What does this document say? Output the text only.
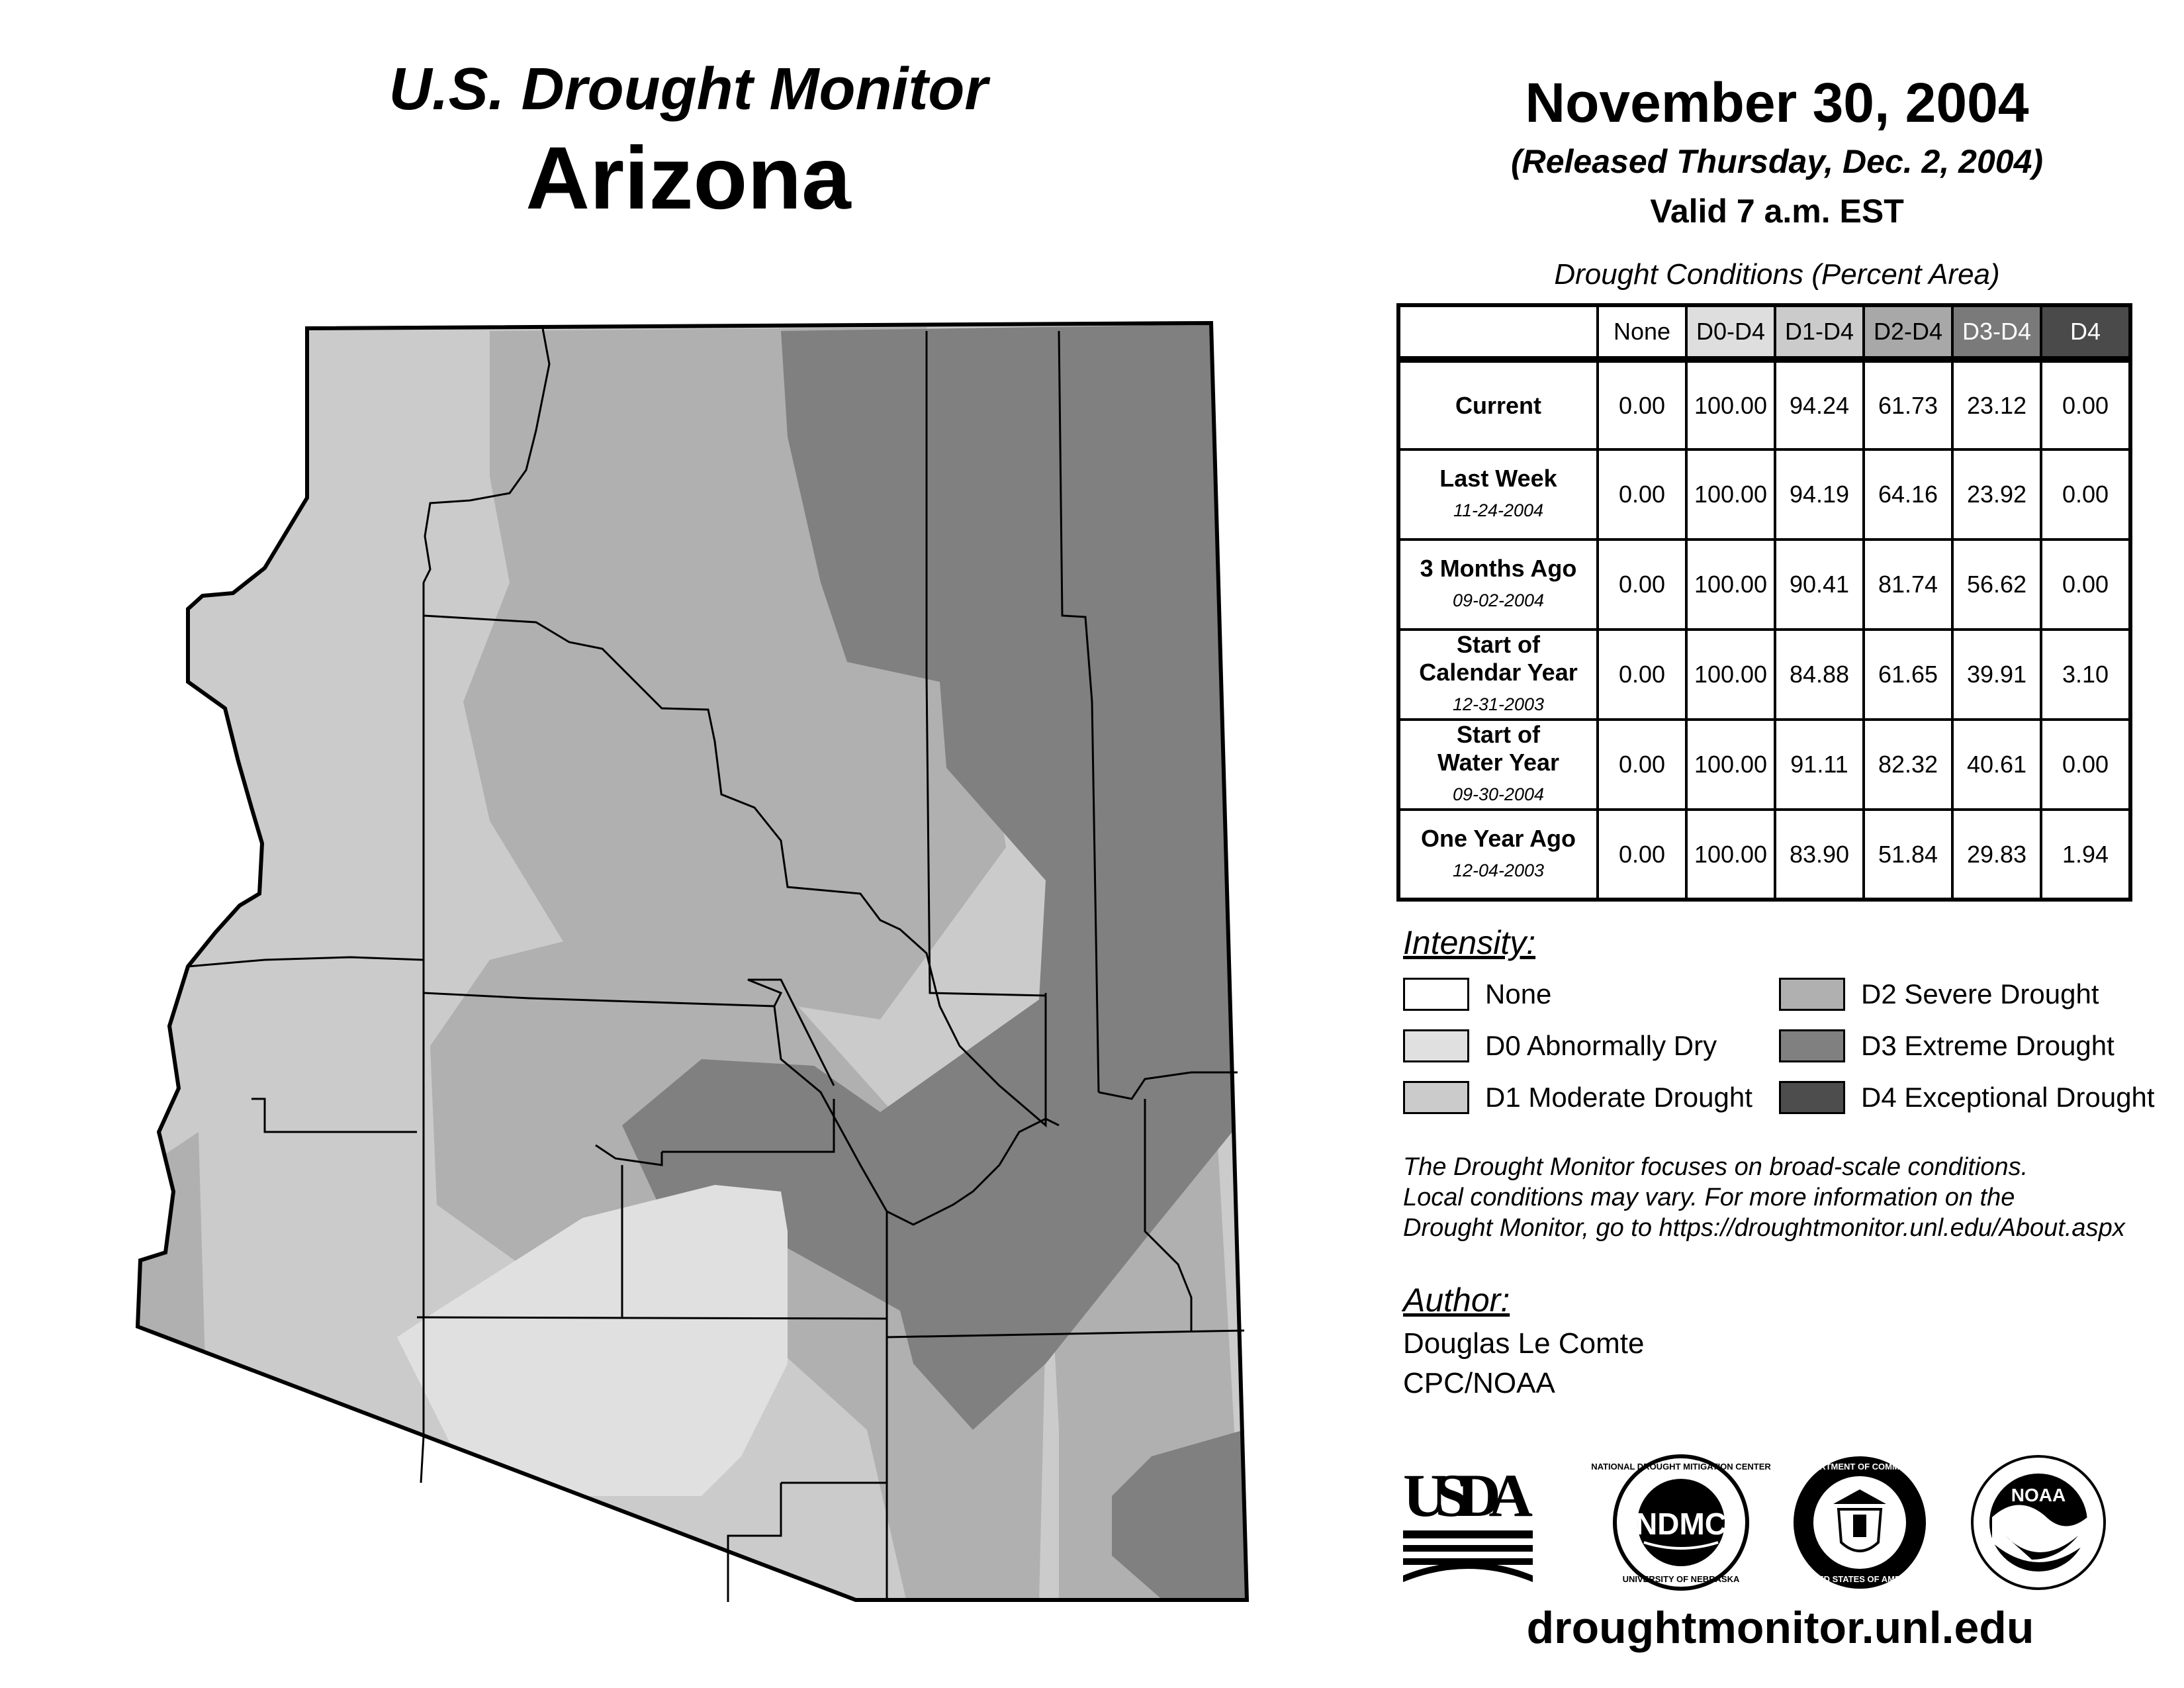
U.S. Drought Monitor
Arizona
November 30, 2004
(Released Thursday, Dec. 2, 2004)
Valid 7 a.m. EST
Drought Conditions (Percent Area)
	None	D0-D4	D1-D4	D2-D4	D3-D4	D4
Current	0.00	100.00	94.24	61.73	23.12	0.00
Last Week
11-24-2004	0.00	100.00	94.19	64.16	23.92	0.00
3 Months Ago
09-02-2004	0.00	100.00	90.41	81.74	56.62	0.00
Start of
Calendar Year
12-31-2003	0.00	100.00	84.88	61.65	39.91	3.10
Start of
Water Year
09-30-2004	0.00	100.00	91.11	82.32	40.61	0.00
One Year Ago
12-04-2003	0.00	100.00	83.90	51.84	29.83	1.94
Intensity:
None
D0 Abnormally Dry
D1 Moderate Drought
D2 Severe Drought
D3 Extreme Drought
D4 Exceptional Drought
The Drought Monitor focuses on broad-scale conditions.
Local conditions may vary. For more information on the
Drought Monitor, go to https://droughtmonitor.unl.edu/About.aspx
Author:
Douglas Le Comte
CPC/NOAA
USDA	NDMC
NATIONAL DROUGHT MITIGATION CENTER
UNIVERSITY OF NEBRASKA
DEPARTMENT OF COMMERCE
UNITED STATES OF AMERICA
NOAA
droughtmonitor.unl.edu
